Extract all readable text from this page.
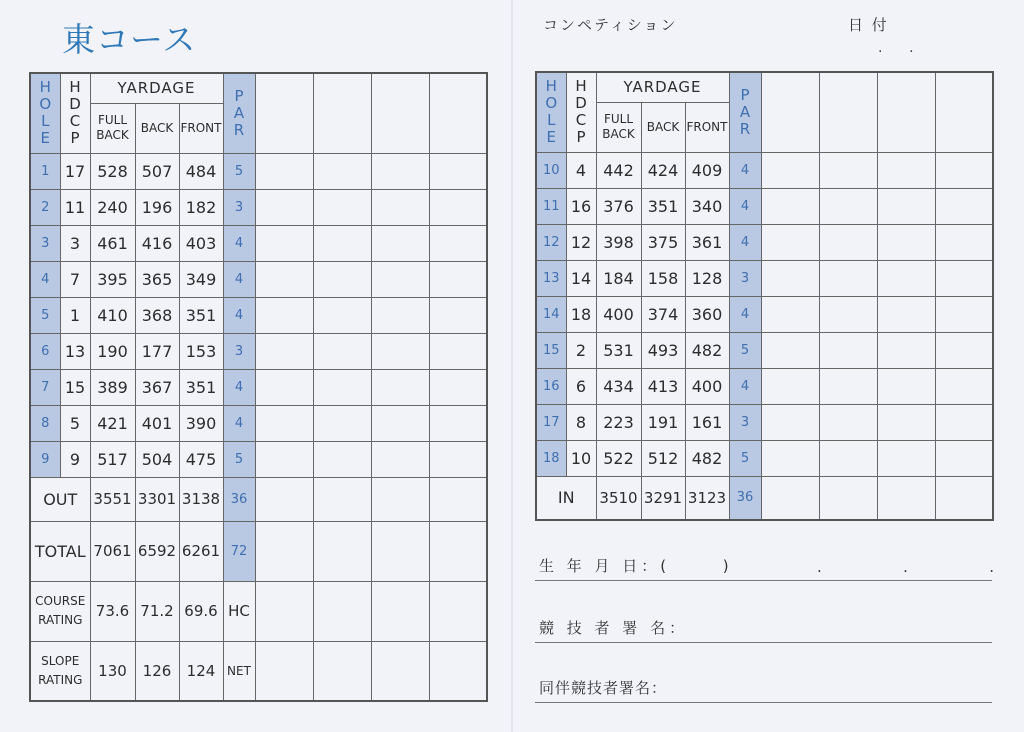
東コース
HOLE	HDCP	YARDAGE			PAR				
		FULL BACK	BACK	FRONT					
1	17	528	507	484	5				
2	11	240	196	182	3				
3	3	461	416	403	4				
4	7	395	365	349	4				
5	1	410	368	351	4				
6	13	190	177	153	3				
7	15	389	367	351	4				
8	5	421	401	390	4				
9	9	517	504	475	5				
OUT		3551	3301	3138	36				
TOTAL		7061	6592	6261	72				
COURSE RATING		73.6	71.2	69.6	HC				
SLOPE RATING		130	126	124	NET				
コンペティション	日 付
.      .
HOLE	HDCP	YARDAGE			PAR				
		FULL BACK	BACK	FRONT					
10	4	442	424	409	4				
11	16	376	351	340	4				
12	12	398	375	361	4				
13	14	184	158	128	3				
14	18	400	374	360	4				
15	2	531	493	482	5				
16	6	434	413	400	4				
17	8	223	191	161	3				
18	10	522	512	482	5				
IN		3510	3291	3123	36				
生 年 月 日：(      )	.       .       .
競 技 者 署 名：
同伴競技者署名：
